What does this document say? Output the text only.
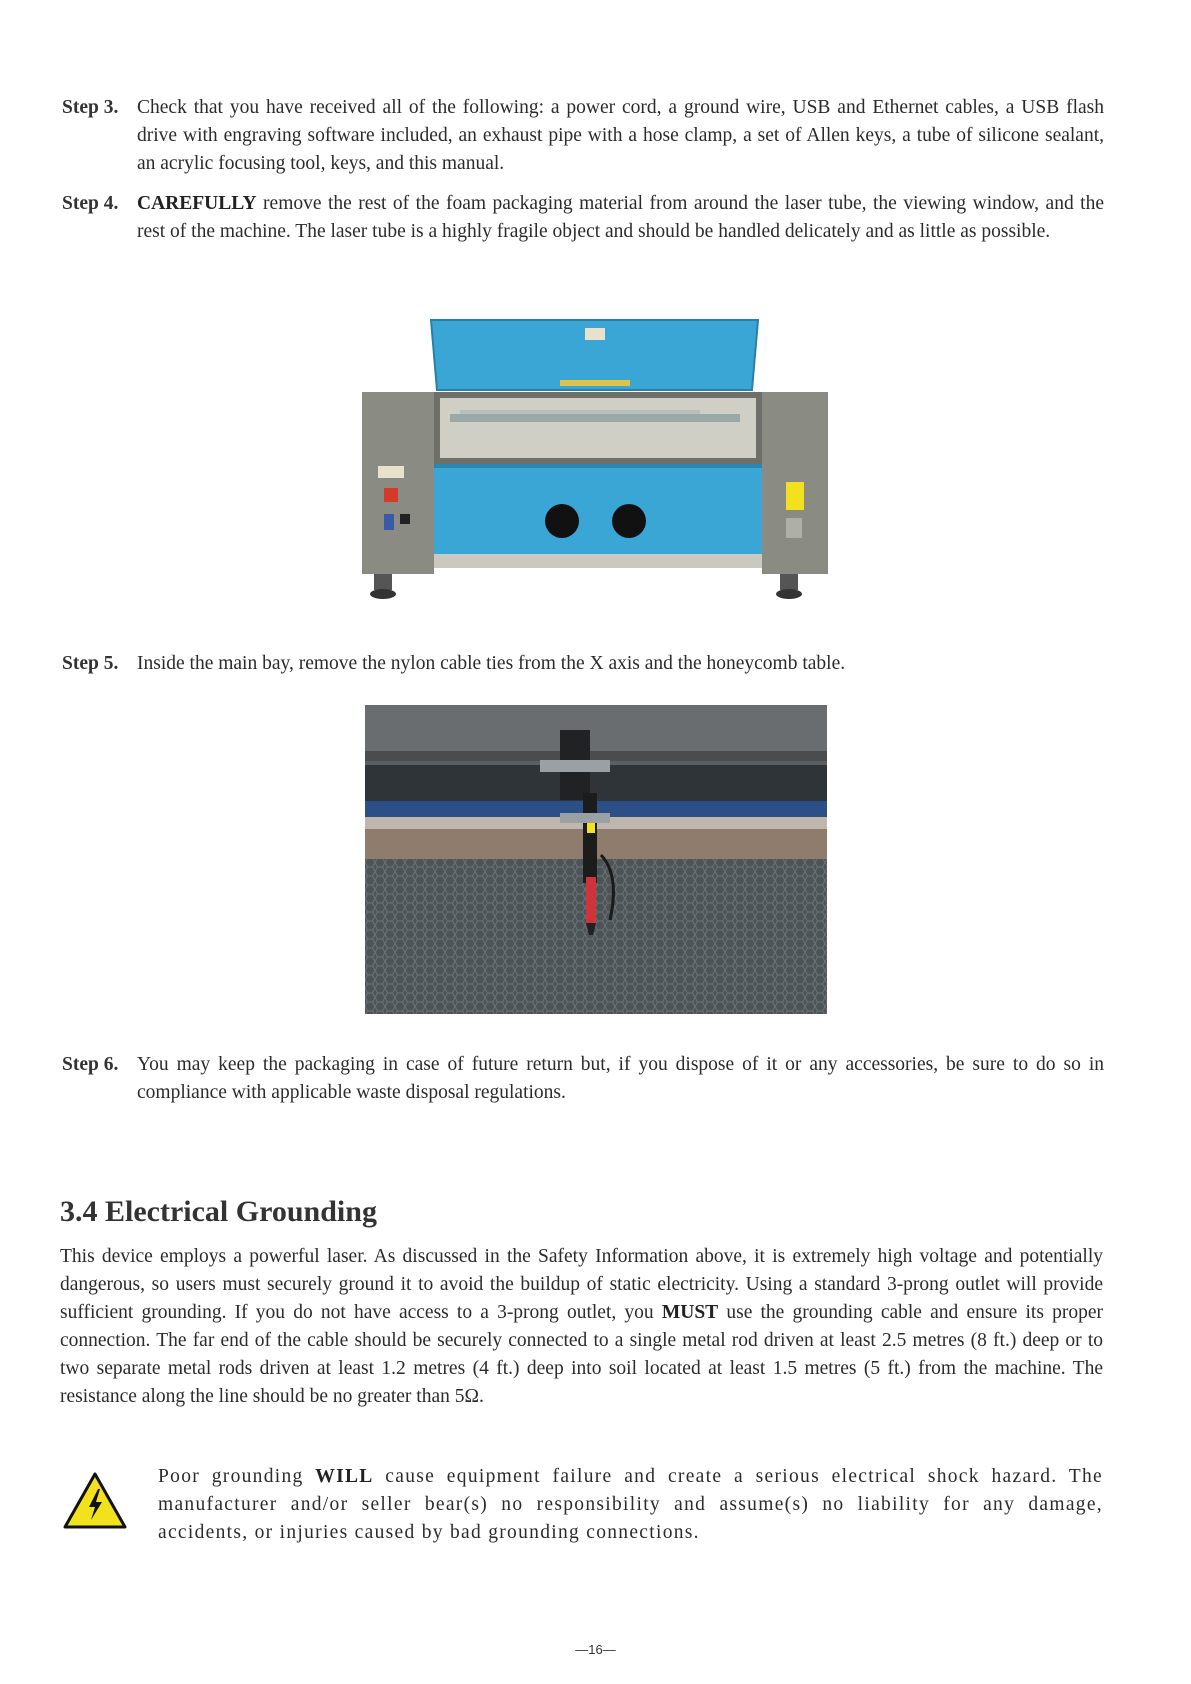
Step 3. Check that you have received all of the following: a power cord, a ground wire, USB and Ethernet cables, a USB flash drive with engraving software included, an exhaust pipe with a hose clamp, a set of Allen keys, a tube of silicone sealant, an acrylic focusing tool, keys, and this manual.
Step 4. CAREFULLY remove the rest of the foam packaging material from around the laser tube, the viewing window, and the rest of the machine. The laser tube is a highly fragile object and should be handled delicately and as little as possible.
Step 5. Inside the main bay, remove the nylon cable ties from the X axis and the honeycomb table.
Step 6. You may keep the packaging in case of future return but, if you dispose of it or any accessories, be sure to do so in compliance with applicable waste disposal regulations.
3.4 Electrical Grounding
This device employs a powerful laser. As discussed in the Safety Information above, it is extremely high voltage and potentially dangerous, so users must securely ground it to avoid the buildup of static electricity. Using a standard 3-prong outlet will provide sufficient grounding. If you do not have access to a 3-prong outlet, you MUST use the grounding cable and ensure its proper connection. The far end of the cable should be securely connected to a single metal rod driven at least 2.5 metres (8 ft.) deep or to two separate metal rods driven at least 1.2 metres (4 ft.) deep into soil located at least 1.5 metres (5 ft.) from the machine. The resistance along the line should be no greater than 5Ω.
Poor grounding WILL cause equipment failure and create a serious electrical shock hazard. The manufacturer and/or seller bear(s) no responsibility and assume(s) no liability for any damage, accidents, or injuries caused by bad grounding connections.
—16—
